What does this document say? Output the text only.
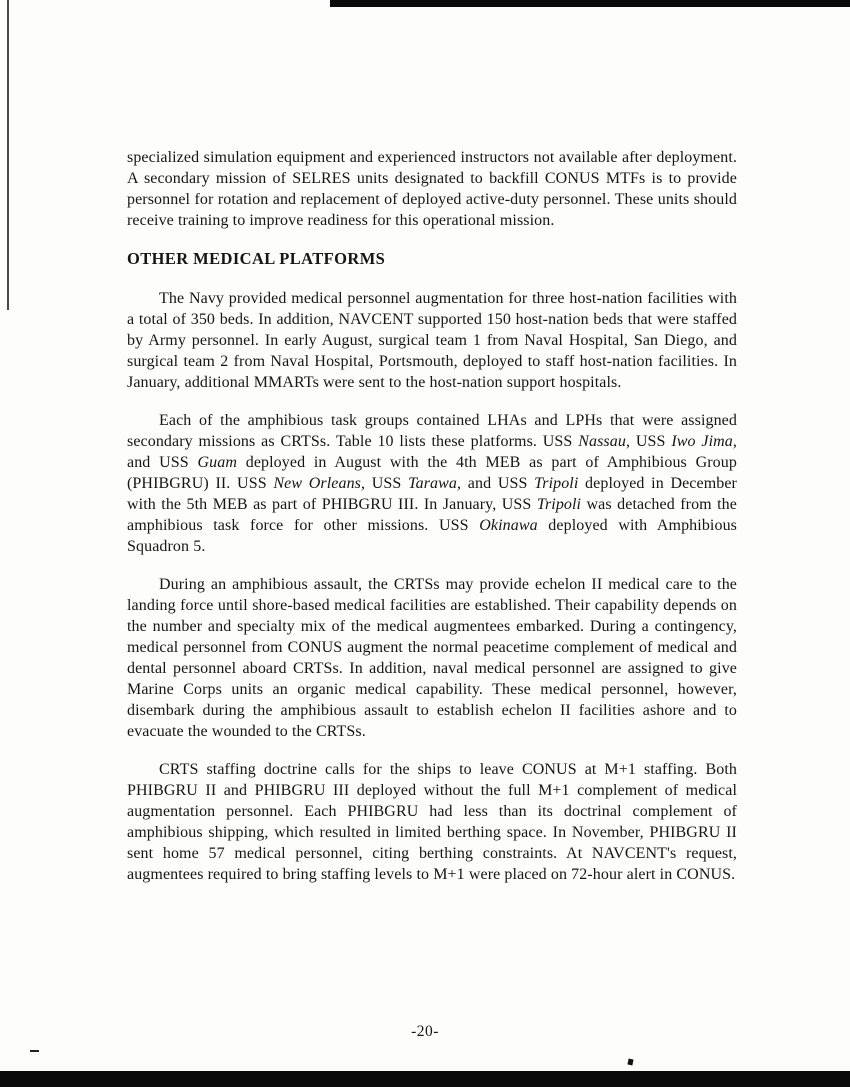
specialized simulation equipment and experienced instructors not available after deployment. A secondary mission of SELRES units designated to backfill CONUS MTFs is to provide personnel for rotation and replacement of deployed active-duty personnel. These units should receive training to improve readiness for this operational mission.

OTHER MEDICAL PLATFORMS

The Navy provided medical personnel augmentation for three host-nation facilities with a total of 350 beds. In addition, NAVCENT supported 150 host-nation beds that were staffed by Army personnel. In early August, surgical team 1 from Naval Hospital, San Diego, and surgical team 2 from Naval Hospital, Portsmouth, deployed to staff host-nation facilities. In January, additional MMARTs were sent to the host-nation support hospitals.

Each of the amphibious task groups contained LHAs and LPHs that were assigned secondary missions as CRTSs. Table 10 lists these platforms. USS Nassau, USS Iwo Jima, and USS Guam deployed in August with the 4th MEB as part of Amphibious Group (PHIBGRU) II. USS New Orleans, USS Tarawa, and USS Tripoli deployed in December with the 5th MEB as part of PHIBGRU III. In January, USS Tripoli was detached from the amphibious task force for other missions. USS Okinawa deployed with Amphibious Squadron 5.

During an amphibious assault, the CRTSs may provide echelon II medical care to the landing force until shore-based medical facilities are established. Their capability depends on the number and specialty mix of the medical augmentees embarked. During a contingency, medical personnel from CONUS augment the normal peacetime complement of medical and dental personnel aboard CRTSs. In addition, naval medical personnel are assigned to give Marine Corps units an organic medical capability. These medical personnel, however, disembark during the amphibious assault to establish echelon II facilities ashore and to evacuate the wounded to the CRTSs.

CRTS staffing doctrine calls for the ships to leave CONUS at M+1 staffing. Both PHIBGRU II and PHIBGRU III deployed without the full M+1 complement of medical augmentation personnel. Each PHIBGRU had less than its doctrinal complement of amphibious shipping, which resulted in limited berthing space. In November, PHIBGRU II sent home 57 medical personnel, citing berthing constraints. At NAVCENT's request, augmentees required to bring staffing levels to M+1 were placed on 72-hour alert in CONUS.

-20-
